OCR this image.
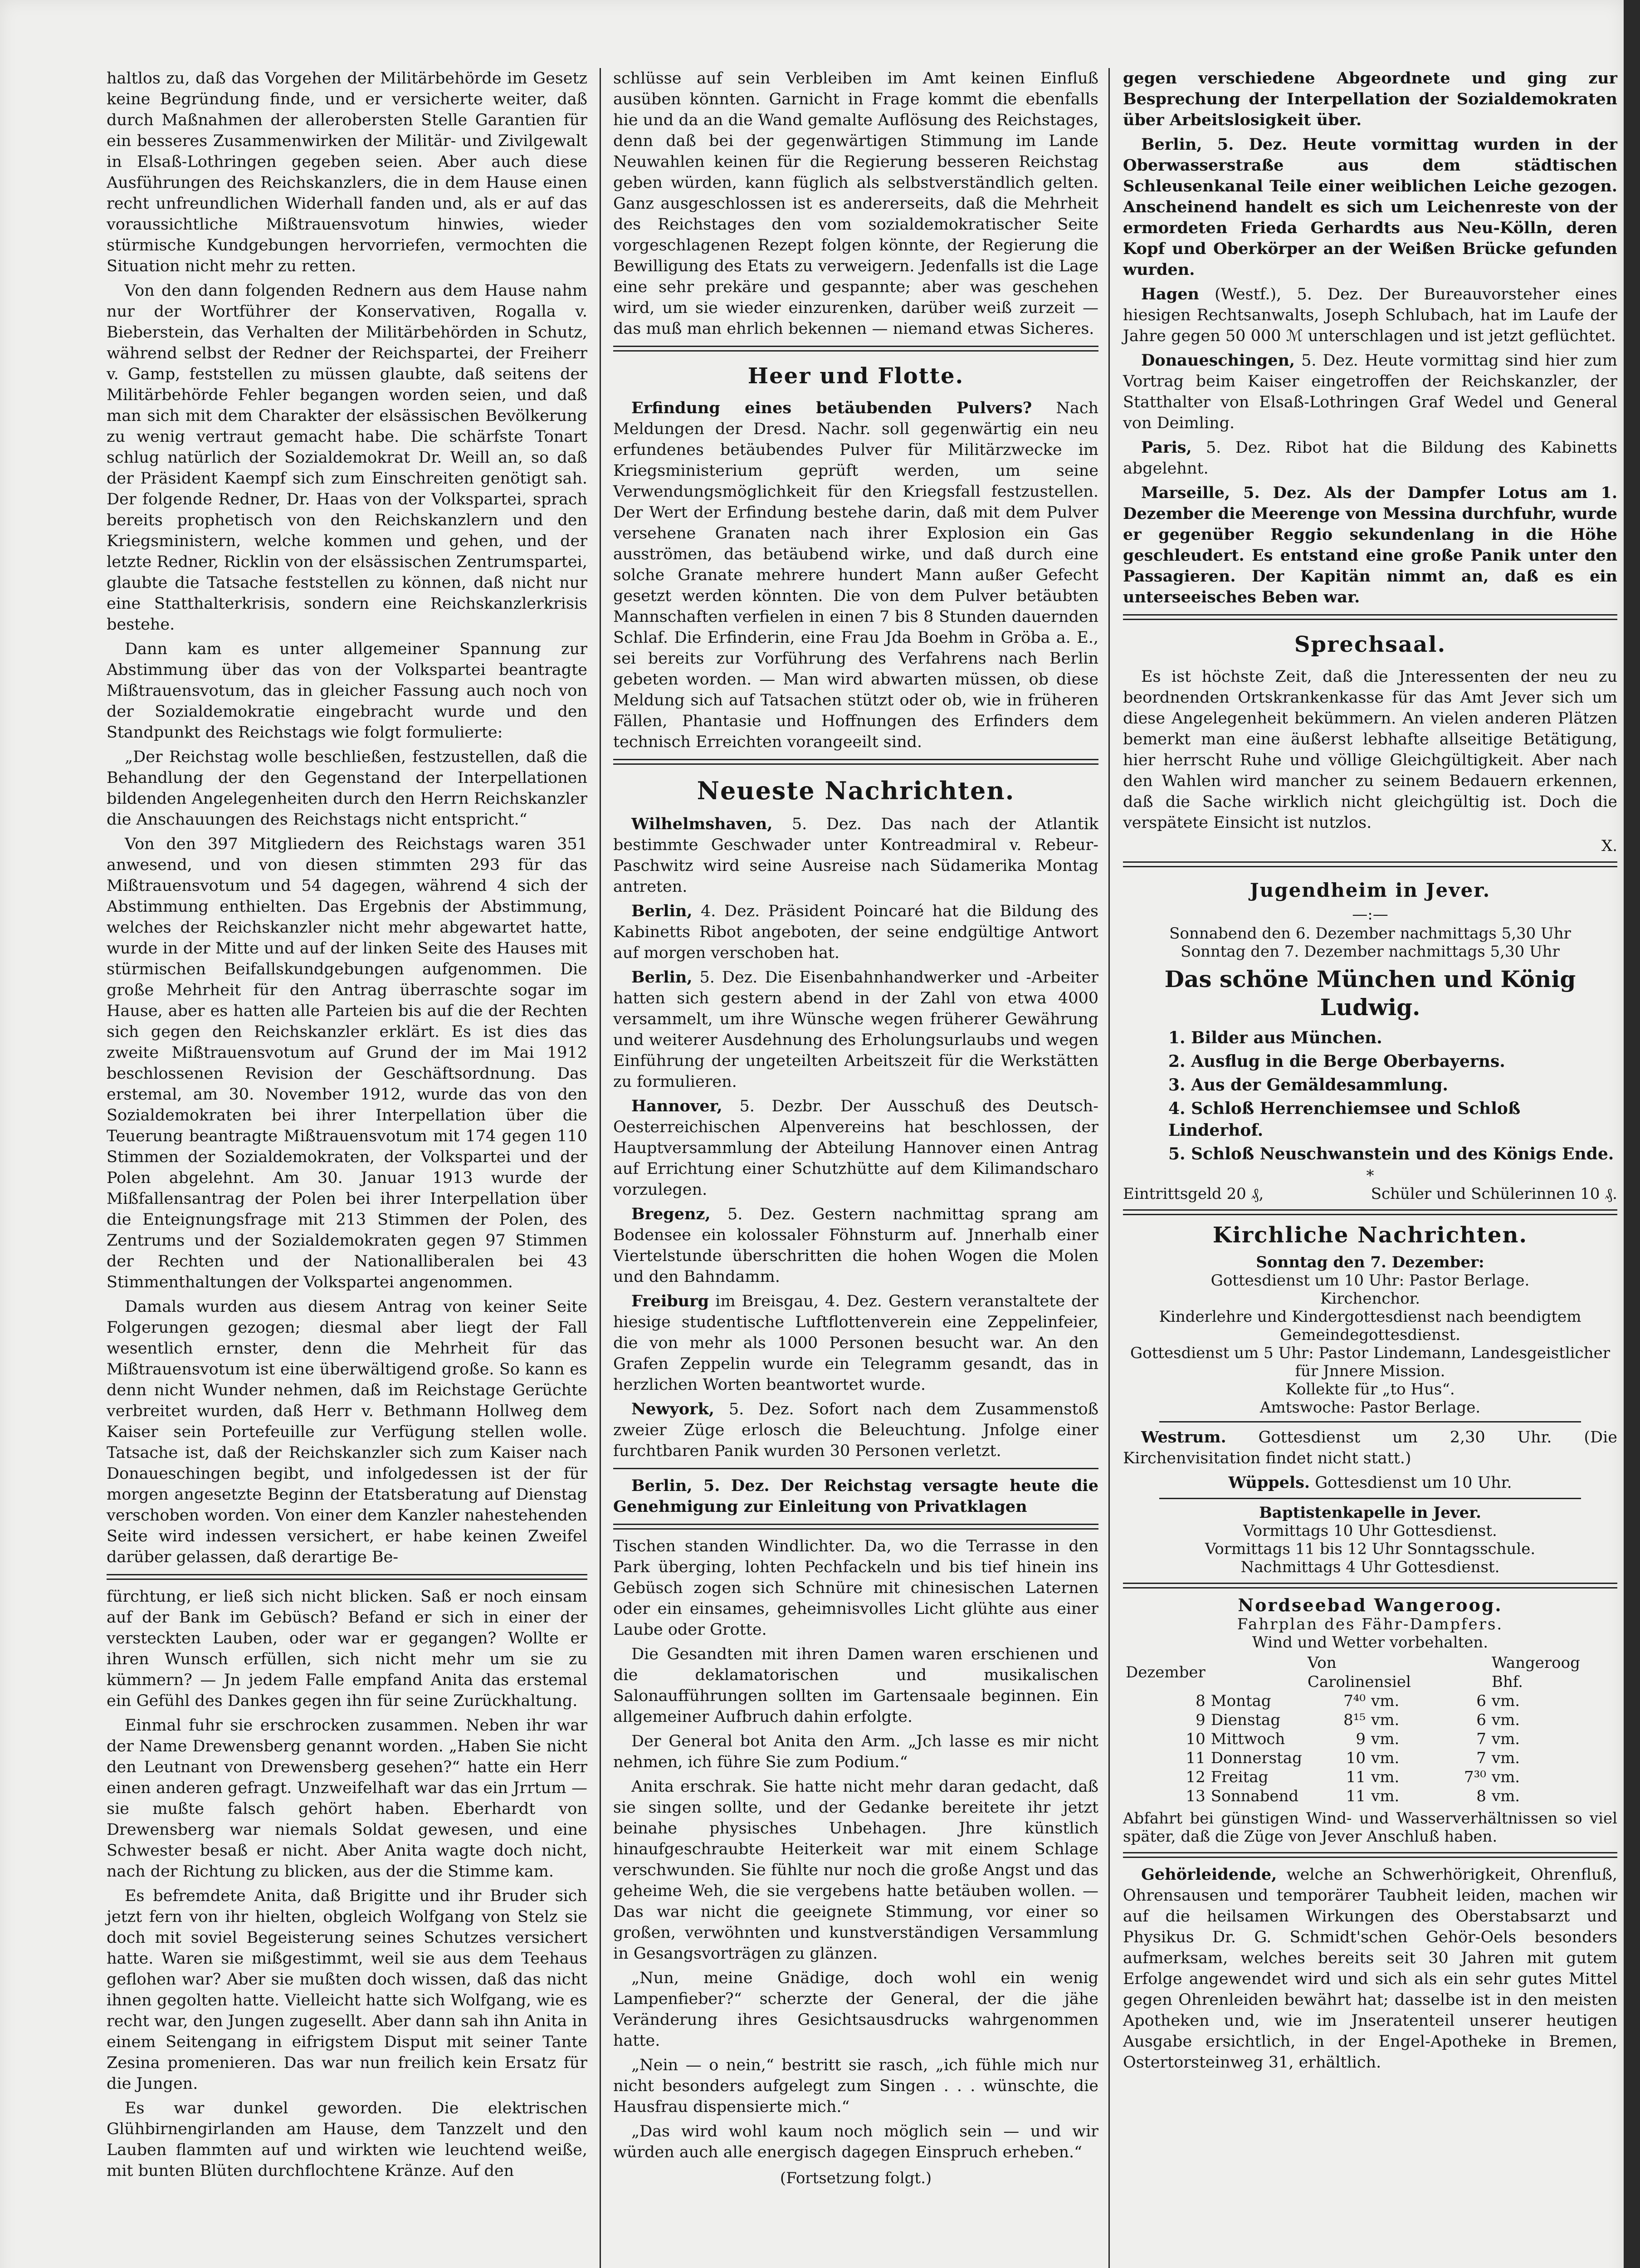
haltlos zu, daß das Vorgehen der Militärbehörde im Gesetz keine Begründung finde, und er versicherte weiter, daß durch Maßnahmen der allerobersten Stelle Garantien für ein besseres Zusammenwirken der Militär- und Zivilgewalt in Elsaß-Lothringen gegeben seien. Aber auch diese Ausführungen des Reichskanzlers, die in dem Hause einen recht unfreundlichen Widerhall fanden und, als er auf das voraussichtliche Mißtrauensvotum hinwies, wieder stürmische Kundgebungen hervorriefen, vermochten die Situation nicht mehr zu retten.

Von den dann folgenden Rednern aus dem Hause nahm nur der Wortführer der Konservativen, Rogalla v. Bieberstein, das Verhalten der Militärbehörden in Schutz, während selbst der Redner der Reichspartei, der Freiherr v. Gamp, feststellen zu müssen glaubte, daß seitens der Militärbehörde Fehler begangen worden seien, und daß man sich mit dem Charakter der elsässischen Bevölkerung zu wenig vertraut gemacht habe. Die schärfste Tonart schlug natürlich der Sozialdemokrat Dr. Weill an, so daß der Präsident Kaempf sich zum Einschreiten genötigt sah. Der folgende Redner, Dr. Haas von der Volkspartei, sprach bereits prophetisch von den Reichskanzlern und den Kriegsministern, welche kommen und gehen, und der letzte Redner, Ricklin von der elsässischen Zentrumspartei, glaubte die Tatsache feststellen zu können, daß nicht nur eine Statthalterkrisis, sondern eine Reichskanzlerkrisis bestehe.

Dann kam es unter allgemeiner Spannung zur Abstimmung über das von der Volkspartei beantragte Mißtrauensvotum, das in gleicher Fassung auch noch von der Sozialdemokratie eingebracht wurde und den Standpunkt des Reichstags wie folgt formulierte:

„Der Reichstag wolle beschließen, festzustellen, daß die Behandlung der den Gegenstand der Interpellationen bildenden Angelegenheiten durch den Herrn Reichskanzler die Anschauungen des Reichstags nicht entspricht.“

Von den 397 Mitgliedern des Reichstags waren 351 anwesend, und von diesen stimmten 293 für das Mißtrauensvotum und 54 dagegen, während 4 sich der Abstimmung enthielten. Das Ergebnis der Abstimmung, welches der Reichskanzler nicht mehr abgewartet hatte, wurde in der Mitte und auf der linken Seite des Hauses mit stürmischen Beifallskundgebungen aufgenommen. Die große Mehrheit für den Antrag überraschte sogar im Hause, aber es hatten alle Parteien bis auf die der Rechten sich gegen den Reichskanzler erklärt. Es ist dies das zweite Mißtrauensvotum auf Grund der im Mai 1912 beschlossenen Revision der Geschäftsordnung. Das erstemal, am 30. November 1912, wurde das von den Sozialdemokraten bei ihrer Interpellation über die Teuerung beantragte Mißtrauensvotum mit 174 gegen 110 Stimmen der Sozialdemokraten, der Volkspartei und der Polen abgelehnt. Am 30. Januar 1913 wurde der Mißfallensantrag der Polen bei ihrer Interpellation über die Enteignungsfrage mit 213 Stimmen der Polen, des Zentrums und der Sozialdemokraten gegen 97 Stimmen der Rechten und der Nationalliberalen bei 43 Stimmenthaltungen der Volkspartei angenommen.

Damals wurden aus diesem Antrag von keiner Seite Folgerungen gezogen; diesmal aber liegt der Fall wesentlich ernster, denn die Mehrheit für das Mißtrauensvotum ist eine überwältigend große. So kann es denn nicht Wunder nehmen, daß im Reichstage Gerüchte verbreitet wurden, daß Herr v. Bethmann Hollweg dem Kaiser sein Portefeuille zur Verfügung stellen wolle. Tatsache ist, daß der Reichskanzler sich zum Kaiser nach Donaueschingen begibt, und infolgedessen ist der für morgen angesetzte Beginn der Etatsberatung auf Dienstag verschoben worden. Von einer dem Kanzler nahestehenden Seite wird indessen versichert, er habe keinen Zweifel darüber gelassen, daß derartige Be-

fürchtung, er ließ sich nicht blicken. Saß er noch einsam auf der Bank im Gebüsch? Befand er sich in einer der versteckten Lauben, oder war er gegangen? Wollte er ihren Wunsch erfüllen, sich nicht mehr um sie zu kümmern? — Jn jedem Falle empfand Anita das erstemal ein Gefühl des Dankes gegen ihn für seine Zurückhaltung.

Einmal fuhr sie erschrocken zusammen. Neben ihr war der Name Drewensberg genannt worden. „Haben Sie nicht den Leutnant von Drewensberg gesehen?“ hatte ein Herr einen anderen gefragt. Unzweifelhaft war das ein Jrrtum — sie mußte falsch gehört haben. Eberhardt von Drewensberg war niemals Soldat gewesen, und eine Schwester besaß er nicht. Aber Anita wagte doch nicht, nach der Richtung zu blicken, aus der die Stimme kam.

Es befremdete Anita, daß Brigitte und ihr Bruder sich jetzt fern von ihr hielten, obgleich Wolfgang von Stelz sie doch mit soviel Begeisterung seines Schutzes versichert hatte. Waren sie mißgestimmt, weil sie aus dem Teehaus geflohen war? Aber sie mußten doch wissen, daß das nicht ihnen gegolten hatte. Vielleicht hatte sich Wolfgang, wie es recht war, den Jungen zugesellt. Aber dann sah ihn Anita in einem Seitengang in eifrigstem Disput mit seiner Tante Zesina promenieren. Das war nun freilich kein Ersatz für die Jungen.

Es war dunkel geworden. Die elektrischen Glühbirnengirlanden am Hause, dem Tanzzelt und den Lauben flammten auf und wirkten wie leuchtend weiße, mit bunten Blüten durchflochtene Kränze. Auf den

schlüsse auf sein Verbleiben im Amt keinen Einfluß ausüben könnten. Garnicht in Frage kommt die ebenfalls hie und da an die Wand gemalte Auflösung des Reichstages, denn daß bei der gegenwärtigen Stimmung im Lande Neuwahlen keinen für die Regierung besseren Reichstag geben würden, kann füglich als selbstverständlich gelten. Ganz ausgeschlossen ist es andererseits, daß die Mehrheit des Reichstages den vom sozialdemokratischer Seite vorgeschlagenen Rezept folgen könnte, der Regierung die Bewilligung des Etats zu verweigern. Jedenfalls ist die Lage eine sehr prekäre und gespannte; aber was geschehen wird, um sie wieder einzurenken, darüber weiß zurzeit — das muß man ehrlich bekennen — niemand etwas Sicheres.

Heer und Flotte.

Erfindung eines betäubenden Pulvers? Nach Meldungen der Dresd. Nachr. soll gegenwärtig ein neu erfundenes betäubendes Pulver für Militärzwecke im Kriegsministerium geprüft werden, um seine Verwendungsmöglichkeit für den Kriegsfall festzustellen. Der Wert der Erfindung bestehe darin, daß mit dem Pulver versehene Granaten nach ihrer Explosion ein Gas ausströmen, das betäubend wirke, und daß durch eine solche Granate mehrere hundert Mann außer Gefecht gesetzt werden könnten. Die von dem Pulver betäubten Mannschaften verfielen in einen 7 bis 8 Stunden dauernden Schlaf. Die Erfinderin, eine Frau Jda Boehm in Gröba a. E., sei bereits zur Vorführung des Verfahrens nach Berlin gebeten worden. — Man wird abwarten müssen, ob diese Meldung sich auf Tatsachen stützt oder ob, wie in früheren Fällen, Phantasie und Hoffnungen des Erfinders dem technisch Erreichten vorangeeilt sind.

Neueste Nachrichten.

Wilhelmshaven, 5. Dez. Das nach der Atlantik bestimmte Geschwader unter Kontreadmiral v. Rebeur-Paschwitz wird seine Ausreise nach Südamerika Montag antreten.

Berlin, 4. Dez. Präsident Poincaré hat die Bildung des Kabinetts Ribot angeboten, der seine endgültige Antwort auf morgen verschoben hat.

Berlin, 5. Dez. Die Eisenbahnhandwerker und -Arbeiter hatten sich gestern abend in der Zahl von etwa 4000 versammelt, um ihre Wünsche wegen früherer Gewährung und weiterer Ausdehnung des Erholungsurlaubs und wegen Einführung der ungeteilten Arbeitszeit für die Werkstätten zu formulieren.

Hannover, 5. Dezbr. Der Ausschuß des Deutsch-Oesterreichischen Alpenvereins hat beschlossen, der Hauptversammlung der Abteilung Hannover einen Antrag auf Errichtung einer Schutzhütte auf dem Kilimandscharo vorzulegen.

Bregenz, 5. Dez. Gestern nachmittag sprang am Bodensee ein kolossaler Föhnsturm auf. Jnnerhalb einer Viertelstunde überschritten die hohen Wogen die Molen und den Bahndamm.

Freiburg im Breisgau, 4. Dez. Gestern veranstaltete der hiesige studentische Luftflottenverein eine Zeppelinfeier, die von mehr als 1000 Personen besucht war. An den Grafen Zeppelin wurde ein Telegramm gesandt, das in herzlichen Worten beantwortet wurde.

Newyork, 5. Dez. Sofort nach dem Zusammenstoß zweier Züge erlosch die Beleuchtung. Jnfolge einer furchtbaren Panik wurden 30 Personen verletzt.

Berlin, 5. Dez. Der Reichstag versagte heute die Genehmigung zur Einleitung von Privatklagen

Tischen standen Windlichter. Da, wo die Terrasse in den Park überging, lohten Pechfackeln und bis tief hinein ins Gebüsch zogen sich Schnüre mit chinesischen Laternen oder ein einsames, geheimnisvolles Licht glühte aus einer Laube oder Grotte.

Die Gesandten mit ihren Damen waren erschienen und die deklamatorischen und musikalischen Salonaufführungen sollten im Gartensaale beginnen. Ein allgemeiner Aufbruch dahin erfolgte.

Der General bot Anita den Arm. „Jch lasse es mir nicht nehmen, ich führe Sie zum Podium.“

Anita erschrak. Sie hatte nicht mehr daran gedacht, daß sie singen sollte, und der Gedanke bereitete ihr jetzt beinahe physisches Unbehagen. Jhre künstlich hinaufgeschraubte Heiterkeit war mit einem Schlage verschwunden. Sie fühlte nur noch die große Angst und das geheime Weh, die sie vergebens hatte betäuben wollen. — Das war nicht die geeignete Stimmung, vor einer so großen, verwöhnten und kunstverständigen Versammlung in Gesangsvorträgen zu glänzen.

„Nun, meine Gnädige, doch wohl ein wenig Lampenfieber?“ scherzte der General, der die jähe Veränderung ihres Gesichtsausdrucks wahrgenommen hatte.

„Nein — o nein,“ bestritt sie rasch, „ich fühle mich nur nicht besonders aufgelegt zum Singen . . . wünschte, die Hausfrau dispensierte mich.“

„Das wird wohl kaum noch möglich sein — und wir würden auch alle energisch dagegen Einspruch erheben.“

(Fortsetzung folgt.)

gegen verschiedene Abgeordnete und ging zur Besprechung der Interpellation der Sozialdemokraten über Arbeitslosigkeit über.

Berlin, 5. Dez. Heute vormittag wurden in der Oberwasserstraße aus dem städtischen Schleusenkanal Teile einer weiblichen Leiche gezogen. Anscheinend handelt es sich um Leichenreste von der ermordeten Frieda Gerhardts aus Neu-Kölln, deren Kopf und Oberkörper an der Weißen Brücke gefunden wurden.

Hagen (Westf.), 5. Dez. Der Bureauvorsteher eines hiesigen Rechtsanwalts, Joseph Schlubach, hat im Laufe der Jahre gegen 50 000 ℳ unterschlagen und ist jetzt geflüchtet.

Donaueschingen, 5. Dez. Heute vormittag sind hier zum Vortrag beim Kaiser eingetroffen der Reichskanzler, der Statthalter von Elsaß-Lothringen Graf Wedel und General von Deimling.

Paris, 5. Dez. Ribot hat die Bildung des Kabinetts abgelehnt.

Marseille, 5. Dez. Als der Dampfer Lotus am 1. Dezember die Meerenge von Messina durchfuhr, wurde er gegenüber Reggio sekundenlang in die Höhe geschleudert. Es entstand eine große Panik unter den Passagieren. Der Kapitän nimmt an, daß es ein unterseeisches Beben war.

Sprechsaal.

Es ist höchste Zeit, daß die Jnteressenten der neu zu beordnenden Ortskrankenkasse für das Amt Jever sich um diese Angelegenheit bekümmern. An vielen anderen Plätzen bemerkt man eine äußerst lebhafte allseitige Betätigung, hier herrscht Ruhe und völlige Gleichgültigkeit. Aber nach den Wahlen wird mancher zu seinem Bedauern erkennen, daß die Sache wirklich nicht gleichgültig ist. Doch die verspätete Einsicht ist nutzlos.

X.
Jugendheim in Jever.
—:—
Sonnabend den 6. Dezember nachmittags 5,30 Uhr
Sonntag den 7. Dezember nachmittags 5,30 Uhr
Das schöne München und König Ludwig.
1. Bilder aus München.
2. Ausflug in die Berge Oberbayerns.
3. Aus der Gemäldesammlung.
4. Schloß Herrenchiemsee und Schloß Linderhof.
5. Schloß Neuschwanstein und des Königs Ende.
*
Eintrittsgeld 20 ₰,	Schüler und Schülerinnen 10 ₰.
Kirchliche Nachrichten.
Sonntag den 7. Dezember:
Gottesdienst um 10 Uhr: Pastor Berlage.
Kirchenchor.
Kinderlehre und Kindergottesdienst nach beendigtem Gemeindegottesdienst.
Gottesdienst um 5 Uhr: Pastor Lindemann, Landesgeistlicher für Jnnere Mission.
Kollekte für „to Hus“.
Amtswoche: Pastor Berlage.

Westrum. Gottesdienst um 2,30 Uhr. (Die Kirchenvisitation findet nicht statt.)

Wüppels. Gottesdienst um 10 Uhr.

Baptistenkapelle in Jever.
Vormittags 10 Uhr Gottesdienst.
Vormittags 11 bis 12 Uhr Sonntagsschule.
Nachmittags 4 Uhr Gottesdienst.
Nordseebad Wangeroog.
Fahrplan des Fähr-Dampfers.
Wind und Wetter vorbehalten.
Dezember		Von Carolinensiel			Wangeroog Bhf.
8	Montag	7⁴⁰	vm.	6	vm.
9	Dienstag	8¹⁵	vm.	6	vm.
10	Mittwoch	9	vm.	7	vm.
11	Donnerstag	10	vm.	7	vm.
12	Freitag	11	vm.	7³⁰	vm.
13	Sonnabend	11	vm.	8	vm.
Abfahrt bei günstigen Wind- und Wasserverhältnissen so viel später, daß die Züge von Jever Anschluß haben.

Gehörleidende, welche an Schwerhörigkeit, Ohrenfluß, Ohrensausen und temporärer Taubheit leiden, machen wir auf die heilsamen Wirkungen des Oberstabsarzt und Physikus Dr. G. Schmidt'schen Gehör-Oels besonders aufmerksam, welches bereits seit 30 Jahren mit gutem Erfolge angewendet wird und sich als ein sehr gutes Mittel gegen Ohrenleiden bewährt hat; dasselbe ist in den meisten Apotheken und, wie im Jnseratenteil unserer heutigen Ausgabe ersichtlich, in der Engel-Apotheke in Bremen, Ostertorsteinweg 31, erhältlich.
